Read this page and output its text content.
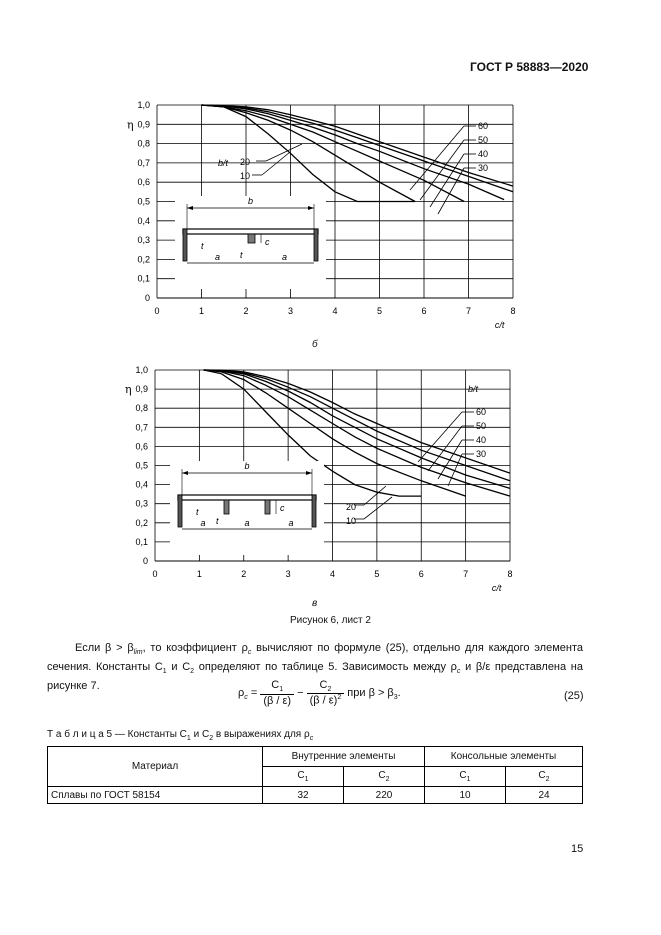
ГОСТ Р 58883—2020
0
0,1
0,2
0,3
0,4
0,5
0,6
0,7
0,8
0,9
1,0
0	1	2	3	4	5	6	7	8
η
c/t
b
a	a
t
t
c
b/t
60
50
40
30
20
10
б
0
0,1
0,2
0,3
0,4
0,5
0,6
0,7
0,8
0,9
1,0
0	1	2	3	4	5	6	7	8
η
c/t
b
a	a	a
t
t
c
b/t
60
50
40
30
20
10
в
Рисунок 6, лист 2
Если $\beta > \beta_{lim}$, то коэффициент $\rho_c$ вычисляют по формуле (25), отдельно для каждого элемента сечения. Константы $C_1$ и $C_2$ определяют по таблице 5. Зависимость между $\rho_c$ и β/ε представлена на рисунке 7.
$\rho_c = \frac{C_1}{(\beta / \varepsilon)} - \frac{C_2}{(\beta / \varepsilon)^2}$ при $\beta > \beta_3$.	(25)
Т а б л и ц а 5 — Константы $C_1$ и $C_2$ в выражениях для $\rho_c$
Материал	Внутренние элементы		Консольные элементы	
	$C_1$	$C_2$	$C_1$	$C_2$
Сплавы по ГОСТ 58154	32	220	10	24
15
